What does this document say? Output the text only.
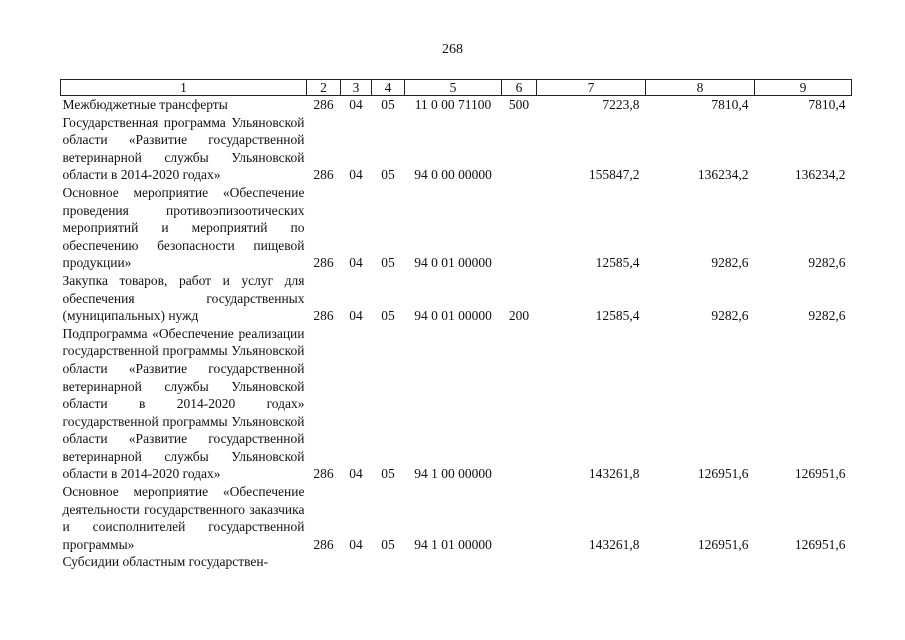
268
1	2	3	4	5	6	7	8	9
Межбюджетные трансферты	286	04	05	11 0 00 71100	500	7223,8	7810,4	7810,4
Государственная программа Ульяновской области «Развитие государственной ветеринарной службы Ульяновской области в 2014-2020 годах»	286	04	05	94 0 00 00000		155847,2	136234,2	136234,2
Основное мероприятие «Обеспечение проведения противоэпизоотических мероприятий и мероприятий по обеспечению безопасности пищевой продукции»	286	04	05	94 0 01 00000		12585,4	9282,6	9282,6
Закупка товаров, работ и услуг для обеспечения государственных (муниципальных) нужд	286	04	05	94 0 01 00000	200	12585,4	9282,6	9282,6
Подпрограмма «Обеспечение реализации государственной программы Ульяновской области «Развитие государственной ветеринарной службы Ульяновской области в 2014-2020 годах» государственной программы Ульяновской области «Развитие государственной ветеринарной службы Ульяновской области в 2014-2020 годах»	286	04	05	94 1 00 00000		143261,8	126951,6	126951,6
Основное мероприятие «Обеспечение деятельности государственного заказчика и соисполнителей государственной программы»	286	04	05	94 1 01 00000		143261,8	126951,6	126951,6
Субсидии областным государствен-								
